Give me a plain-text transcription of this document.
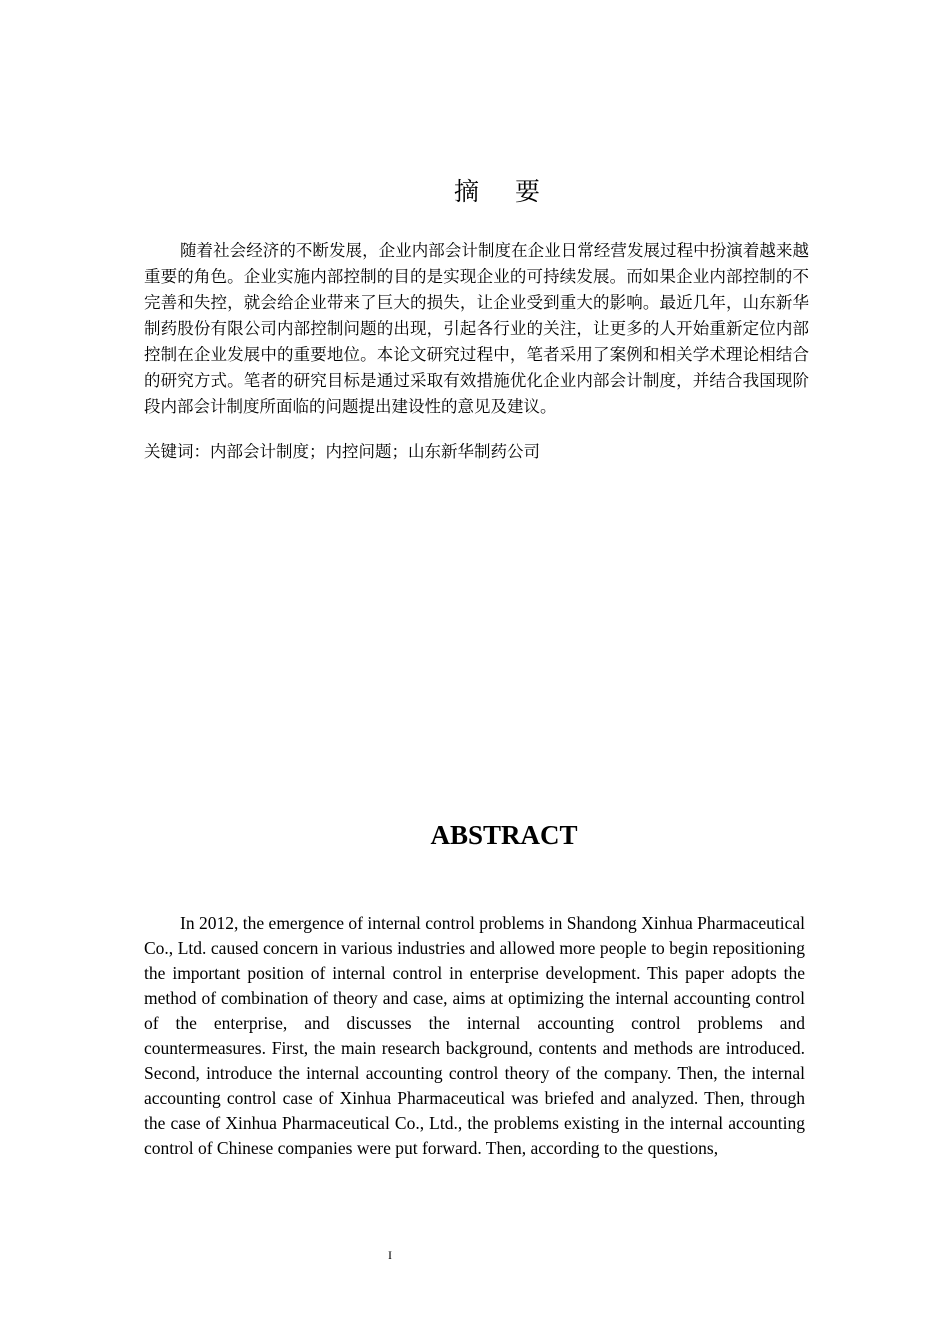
摘 要

随着社会经济的不断发展，企业内部会计制度在企业日常经营发展过程中扮演着越来越重要的角色。企业实施内部控制的目的是实现企业的可持续发展。而如果企业内部控制的不完善和失控，就会给企业带来了巨大的损失，让企业受到重大的影响。最近几年，山东新华制药股份有限公司内部控制问题的出现，引起各行业的关注，让更多的人开始重新定位内部控制在企业发展中的重要地位。本论文研究过程中，笔者采用了案例和相关学术理论相结合的研究方式。笔者的研究目标是通过采取有效措施优化企业内部会计制度，并结合我国现阶段内部会计制度所面临的问题提出建设性的意见及建议。

关键词：内部会计制度；内控问题；山东新华制药公司

ABSTRACT

In 2012, the emergence of internal control problems in Shandong Xinhua Pharmaceutical Co., Ltd. caused concern in various industries and allowed more people to begin repositioning the important position of internal control in enterprise development. This paper adopts the method of combination of theory and case, aims at optimizing the internal accounting control of the enterprise, and discusses the internal accounting control problems and countermeasures. First, the main research background, contents and methods are introduced. Second, introduce the internal accounting control theory of the company. Then, the internal accounting control case of Xinhua Pharmaceutical was briefed and analyzed. Then, through the case of Xinhua Pharmaceutical Co., Ltd., the problems existing in the internal accounting control of Chinese companies were put forward. Then, according to the questions,

I
